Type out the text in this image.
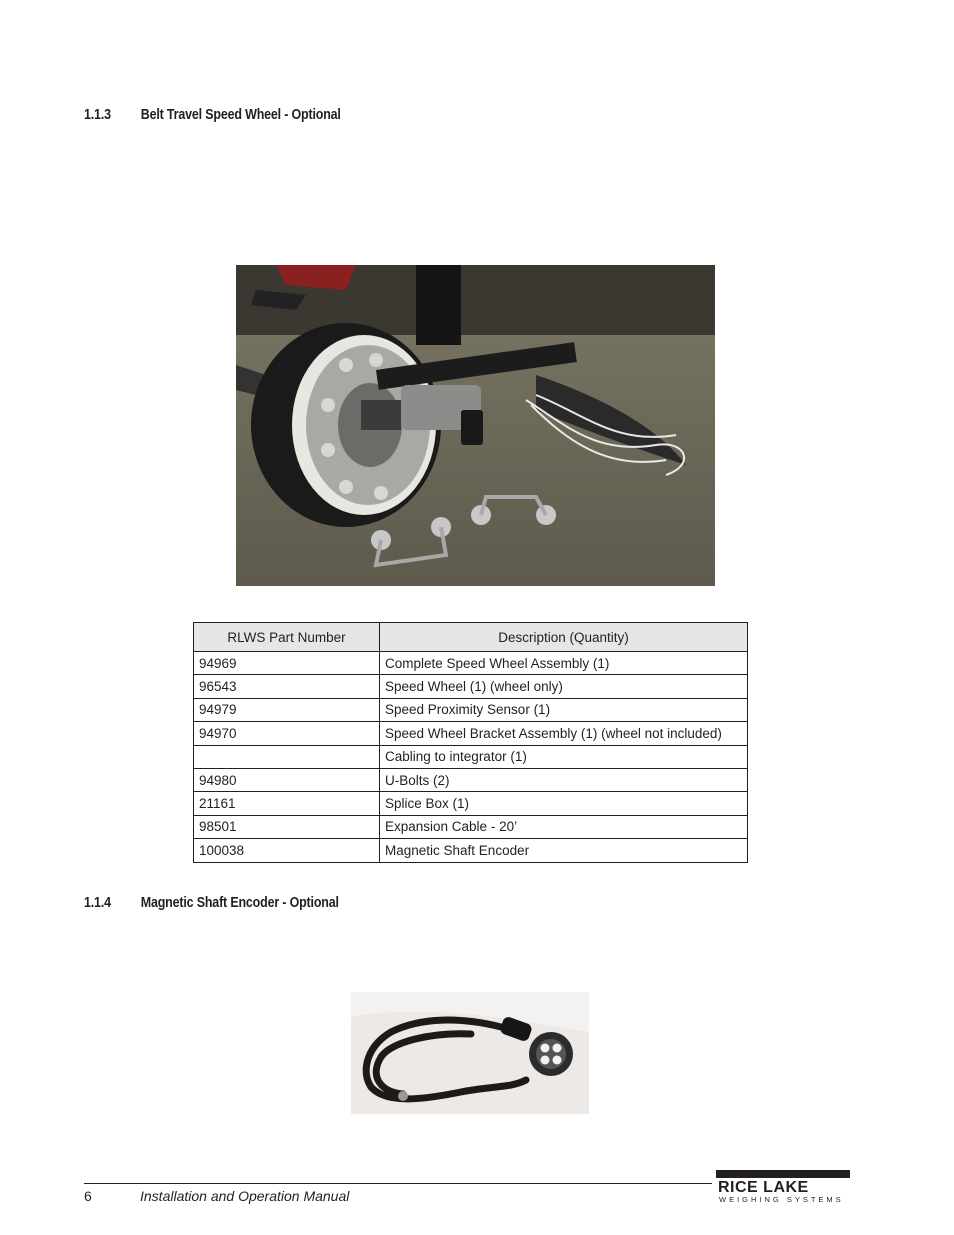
1.1.3 Belt Travel Speed Wheel - Optional
RLWS Part Number	Description (Quantity)
94969	Complete Speed Wheel Assembly (1)
96543	Speed Wheel (1) (wheel only)
94979	Speed Proximity Sensor (1)
94970	Speed Wheel Bracket Assembly (1) (wheel not included)
	Cabling to integrator (1)
94980	U-Bolts (2)
21161	Splice Box (1)
98501	Expansion Cable - 20’
100038	Magnetic Shaft Encoder
1.1.4 Magnetic Shaft Encoder - Optional
6	Installation and Operation Manual	RICE LAKE
WEIGHING SYSTEMS
